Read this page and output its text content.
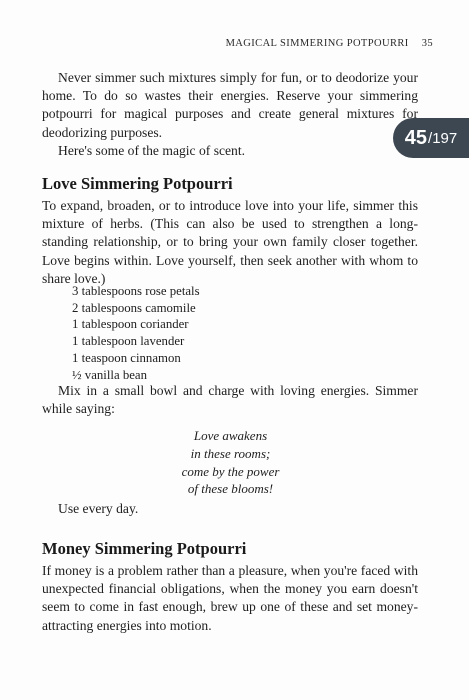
MAGICAL SIMMERING POTPOURRI 35
45 / 197

Never simmer such mixtures simply for fun, or to deodorize your home. To do so wastes their energies. Reserve your simmering potpourri for magical purposes and create general mixtures for deodorizing purposes.

Here's some of the magic of scent.

Love Simmering Potpourri

To expand, broaden, or to introduce love into your life, simmer this mixture of herbs. (This can also be used to strengthen a long-standing relationship, or to bring your own family closer together. Love begins within. Love yourself, then seek another with whom to share love.)

3 tablespoons rose petals
2 tablespoons camomile
1 tablespoon coriander
1 tablespoon lavender
1 teaspoon cinnamon
½ vanilla bean

Mix in a small bowl and charge with loving energies. Simmer while saying:

Love awakens
in these rooms;
come by the power
of these blooms!

Use every day.

Money Simmering Potpourri

If money is a problem rather than a pleasure, when you're faced with unexpected financial obligations, when the money you earn doesn't seem to come in fast enough, brew up one of these and set money-attracting energies into motion.
